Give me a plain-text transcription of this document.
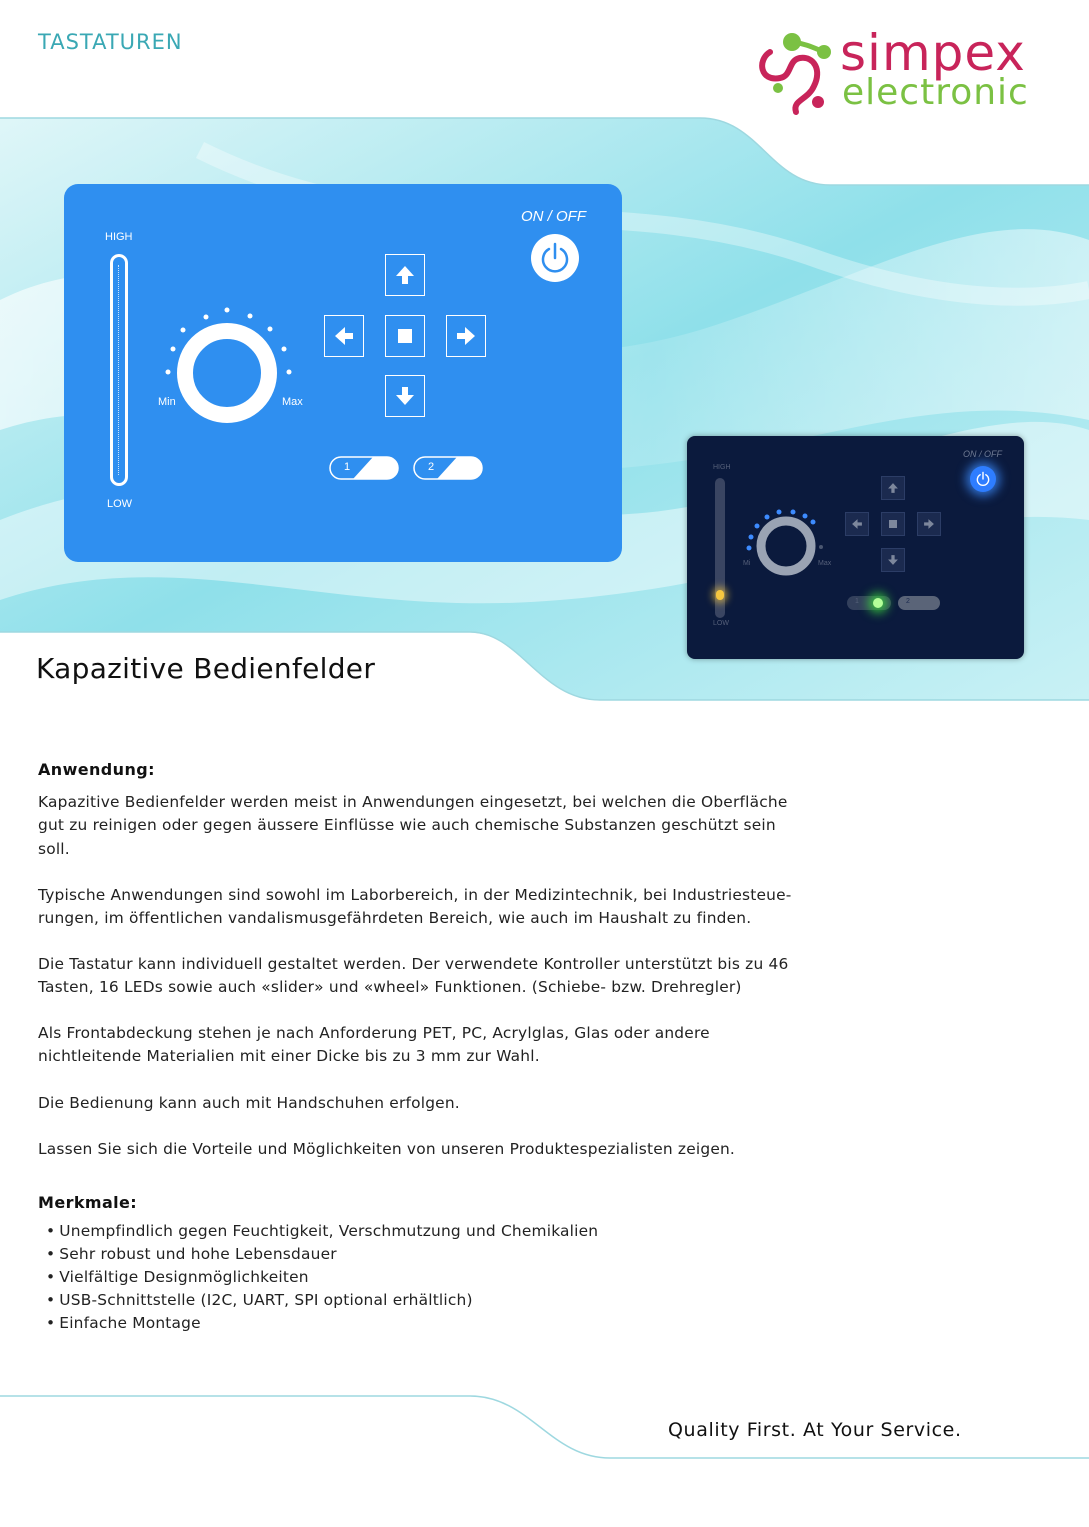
TASTATUREN	simpex
electronic
HIGH
LOW
Min	Max
1	2
ON / OFF
HIGH
LOW
Mi	Max
1	2
ON / OFF
Kapazitive Bedienfelder
Anwendung:
Kapazitive Bedienfelder werden meist in Anwendungen eingesetzt, bei welchen die Oberfläche
gut zu reinigen oder gegen äussere Einflüsse wie auch chemische Substanzen geschützt sein
soll.
Typische Anwendungen sind sowohl im Laborbereich, in der Medizintechnik, bei Industriesteue-
rungen, im öffentlichen vandalismusgefährdeten Bereich, wie auch im Haushalt zu finden.
Die Tastatur kann individuell gestaltet werden. Der verwendete Kontroller unterstützt bis zu 46
Tasten, 16 LEDs sowie auch «slider» und «wheel» Funktionen. (Schiebe- bzw. Drehregler)
Als Frontabdeckung stehen je nach Anforderung PET, PC, Acrylglas, Glas oder andere
nichtleitende Materialien mit einer Dicke bis zu 3 mm zur Wahl.
Die Bedienung kann auch mit Handschuhen erfolgen.
Lassen Sie sich die Vorteile und Möglichkeiten von unseren Produktespezialisten zeigen.
Merkmale:
• Unempfindlich gegen Feuchtigkeit, Verschmutzung und Chemikalien
• Sehr robust und hohe Lebensdauer
• Vielfältige Designmöglichkeiten
• USB-Schnittstelle (I2C, UART, SPI optional erhältlich)
• Einfache Montage
Quality First. At Your Service.
